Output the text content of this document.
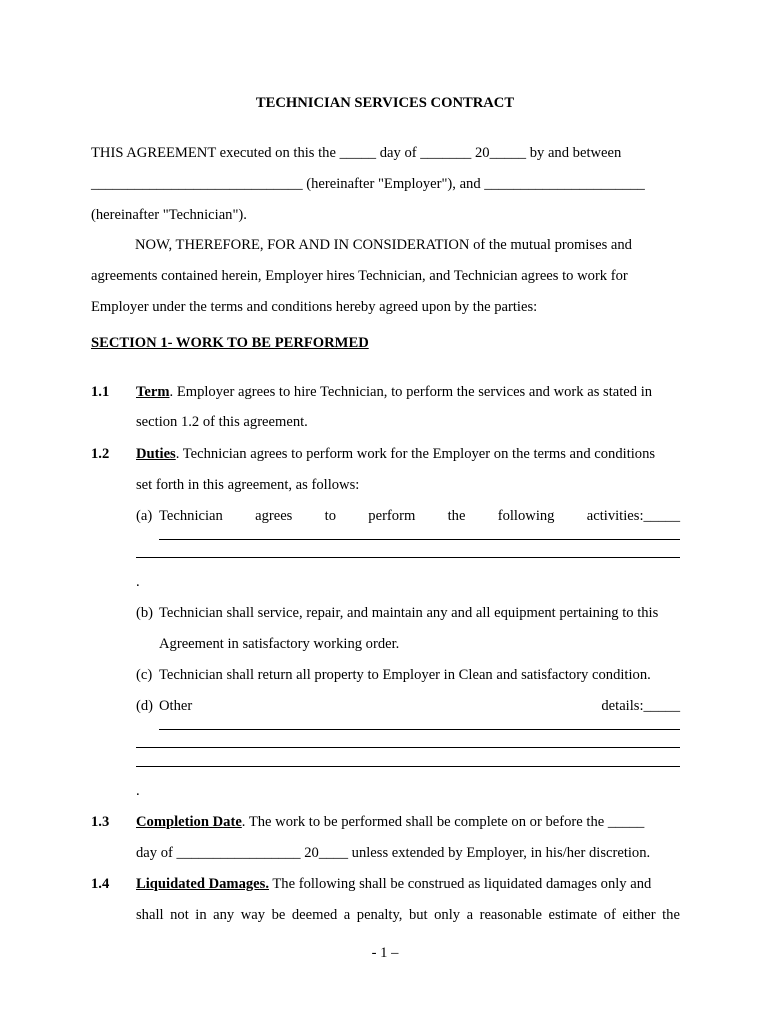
TECHNICIAN SERVICES CONTRACT
THIS AGREEMENT executed on this the _____ day of _______ 20_____ by and between
_____________________________ (hereinafter "Employer"), and ______________________
(hereinafter "Technician").
NOW, THEREFORE, FOR AND IN CONSIDERATION of the mutual promises and
agreements contained herein, Employer hires Technician, and Technician agrees to work for
Employer under the terms and conditions hereby agreed upon by the parties:
SECTION 1- WORK TO BE PERFORMED
1.1 Term. Employer agrees to hire Technician, to perform the services and work as stated in
section 1.2 of this agreement.
1.2 Duties. Technician agrees to perform work for the Employer on the terms and conditions
set forth in this agreement, as follows:
(a) Technician agrees to perform the following activities:_____
.
(b) Technician shall service, repair, and maintain any and all equipment pertaining to this
Agreement in satisfactory working order.
(c) Technician shall return all property to Employer in Clean and satisfactory condition.
(d) Other	details:_____
.
1.3 Completion Date. The work to be performed shall be complete on or before the _____
day of _________________ 20____ unless extended by Employer, in his/her discretion.
1.4 Liquidated Damages. The following shall be construed as liquidated damages only and
shall not in any way be deemed a penalty, but only a reasonable estimate of either the
- 1 –
